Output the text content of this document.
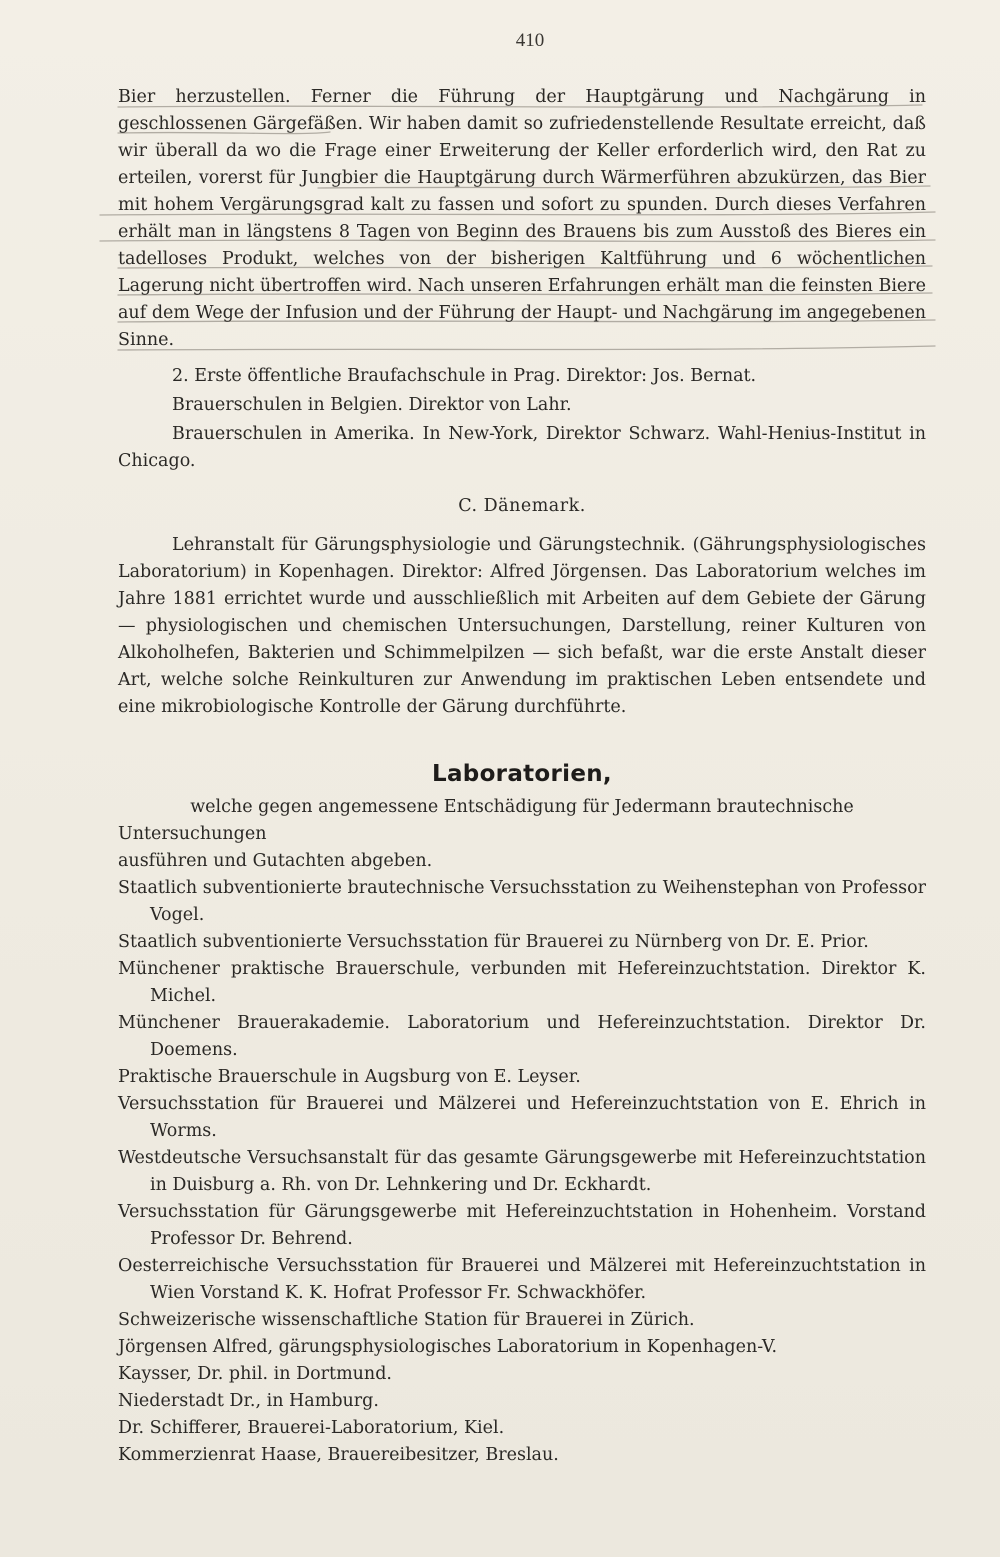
410

Bier herzustellen. Ferner die Führung der Hauptgärung und Nachgärung in geschlossenen Gärgefäßen. Wir haben damit so zufriedenstellende Resultate erreicht, daß wir überall da wo die Frage einer Erweiterung der Keller erforderlich wird, den Rat zu erteilen, vorerst für Jungbier die Hauptgärung durch Wärmerführen abzukürzen, das Bier mit hohem Vergärungsgrad kalt zu fassen und sofort zu spunden. Durch dieses Verfahren erhält man in längstens 8 Tagen von Beginn des Brauens bis zum Ausstoß des Bieres ein tadelloses Produkt, welches von der bisherigen Kaltführung und 6 wöchentlichen Lagerung nicht übertroffen wird. Nach unseren Erfahrungen erhält man die feinsten Biere auf dem Wege der Infusion und der Führung der Haupt- und Nachgärung im angegebenen Sinne.

2. Erste öffentliche Braufachschule in Prag. Direktor: Jos. Bernat.

Brauerschulen in Belgien. Direktor von Lahr.

Brauerschulen in Amerika. In New-York, Direktor Schwarz. Wahl-Henius-Institut in Chicago.

C. Dänemark.

Lehranstalt für Gärungsphysiologie und Gärungstechnik. (Gährungsphysiologisches Laboratorium) in Kopenhagen. Direktor: Alfred Jörgensen. Das Laboratorium welches im Jahre 1881 errichtet wurde und ausschließlich mit Arbeiten auf dem Gebiete der Gärung — physiologischen und chemischen Untersuchungen, Darstellung, reiner Kulturen von Alkoholhefen, Bakterien und Schimmelpilzen — sich befaßt, war die erste Anstalt dieser Art, welche solche Reinkulturen zur Anwendung im praktischen Leben entsendete und eine mikrobiologische Kontrolle der Gärung durchführte.

Laboratorien,

welche gegen angemessene Entschädigung für Jedermann brautechnische Untersuchungen

ausführen und Gutachten abgeben.

Staatlich subventionierte brautechnische Versuchsstation zu Weihenstephan von Professor Vogel.

Staatlich subventionierte Versuchsstation für Brauerei zu Nürnberg von Dr. E. Prior.

Münchener praktische Brauerschule, verbunden mit Hefereinzuchtstation. Direktor K. Michel.

Münchener Brauerakademie. Laboratorium und Hefereinzuchtstation. Direktor Dr. Doemens.

Praktische Brauerschule in Augsburg von E. Leyser.

Versuchsstation für Brauerei und Mälzerei und Hefereinzuchtstation von E. Ehrich in Worms.

Westdeutsche Versuchsanstalt für das gesamte Gärungsgewerbe mit Hefereinzuchtstation in Duisburg a. Rh. von Dr. Lehnkering und Dr. Eckhardt.

Versuchsstation für Gärungsgewerbe mit Hefereinzuchtstation in Hohenheim. Vorstand Professor Dr. Behrend.

Oesterreichische Versuchsstation für Brauerei und Mälzerei mit Hefereinzuchtstation in Wien Vorstand K. K. Hofrat Professor Fr. Schwackhöfer.

Schweizerische wissenschaftliche Station für Brauerei in Zürich.

Jörgensen Alfred, gärungsphysiologisches Laboratorium in Kopenhagen-V.

Kaysser, Dr. phil. in Dortmund.

Niederstadt Dr., in Hamburg.

Dr. Schifferer, Brauerei-Laboratorium, Kiel.

Kommerzienrat Haase, Brauereibesitzer, Breslau.
